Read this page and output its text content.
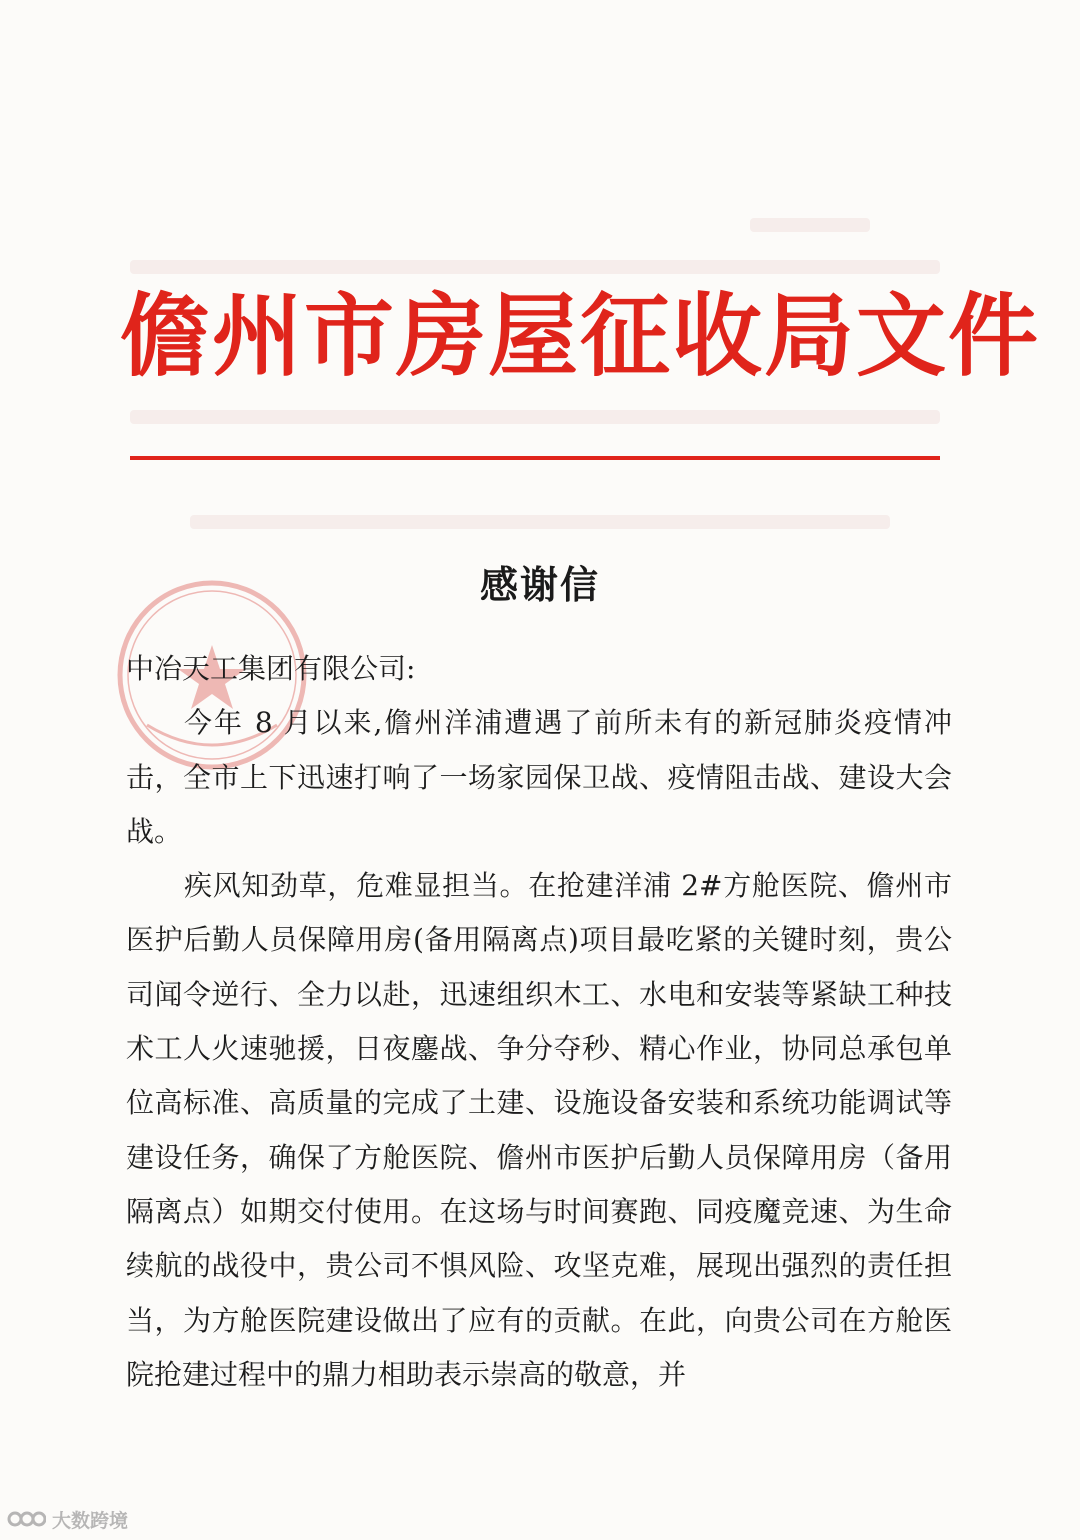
儋州市房屋征收局文件
感谢信

中冶天工集团有限公司:

今年 8 月以来,儋州洋浦遭遇了前所未有的新冠肺炎疫情冲击，全市上下迅速打响了一场家园保卫战、疫情阻击战、建设大会战。

疾风知劲草，危难显担当。在抢建洋浦 2#方舱医院、儋州市医护后勤人员保障用房(备用隔离点)项目最吃紧的关键时刻，贵公司闻令逆行、全力以赴，迅速组织木工、水电和安装等紧缺工种技术工人火速驰援，日夜鏖战、争分夺秒、精心作业，协同总承包单位高标准、高质量的完成了土建、设施设备安装和系统功能调试等建设任务，确保了方舱医院、儋州市医护后勤人员保障用房（备用隔离点）如期交付使用。在这场与时间赛跑、同疫魔竞速、为生命续航的战役中，贵公司不惧风险、攻坚克难，展现出强烈的责任担当，为方舱医院建设做出了应有的贡献。在此，向贵公司在方舱医院抢建过程中的鼎力相助表示崇高的敬意，并

大数跨境
